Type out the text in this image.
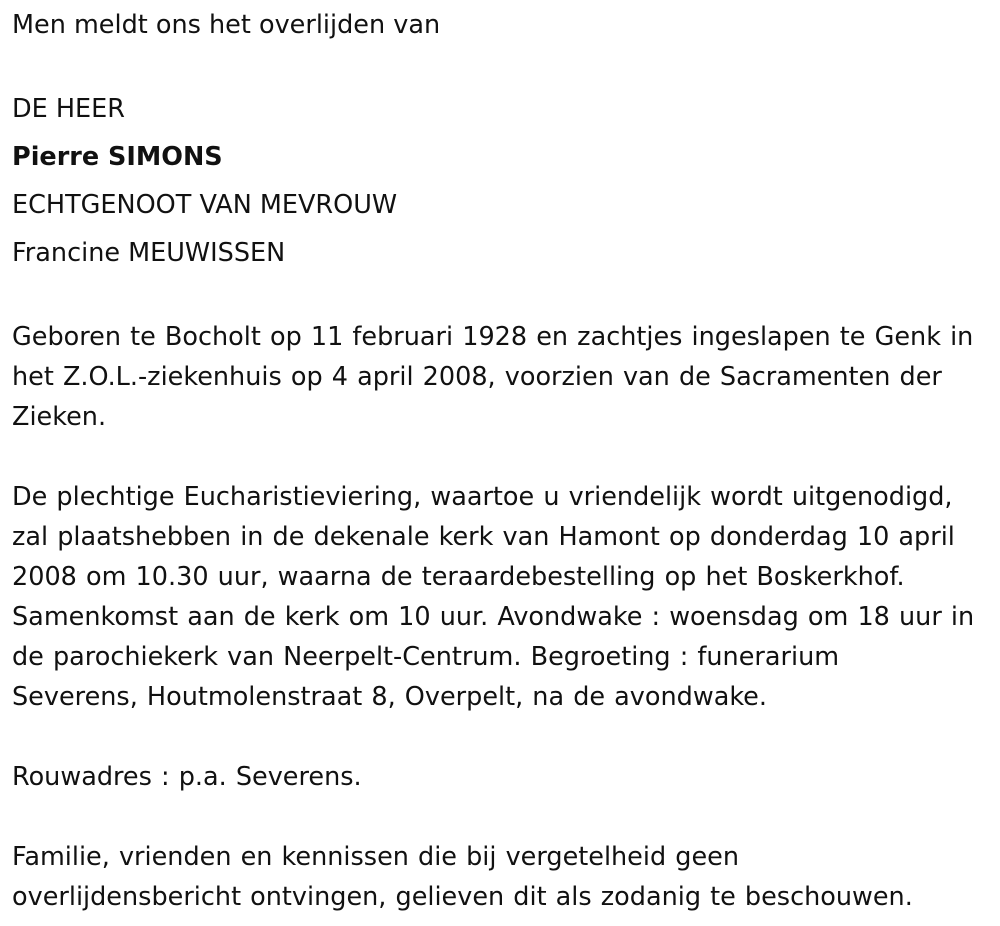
Men meldt ons het overlijden van

DE HEER

Pierre SIMONS

ECHTGENOOT VAN MEVROUW

Francine MEUWISSEN

Geboren te Bocholt op 11 februari 1928 en zachtjes ingeslapen te Genk in
het Z.O.L.-ziekenhuis op 4 april 2008, voorzien van de Sacramenten der
Zieken.
De plechtige Eucharistieviering, waartoe u vriendelijk wordt uitgenodigd,
zal plaatshebben in de dekenale kerk van Hamont op donderdag 10 april
2008 om 10.30 uur, waarna de teraardebestelling op het Boskerkhof.
Samenkomst aan de kerk om 10 uur. Avondwake : woensdag om 18 uur in
de parochiekerk van Neerpelt-Centrum. Begroeting : funerarium
Severens, Houtmolenstraat 8, Overpelt, na de avondwake.

Rouwadres : p.a. Severens.

Familie, vrienden en kennissen die bij vergetelheid geen
overlijdensbericht ontvingen, gelieven dit als zodanig te beschouwen.
